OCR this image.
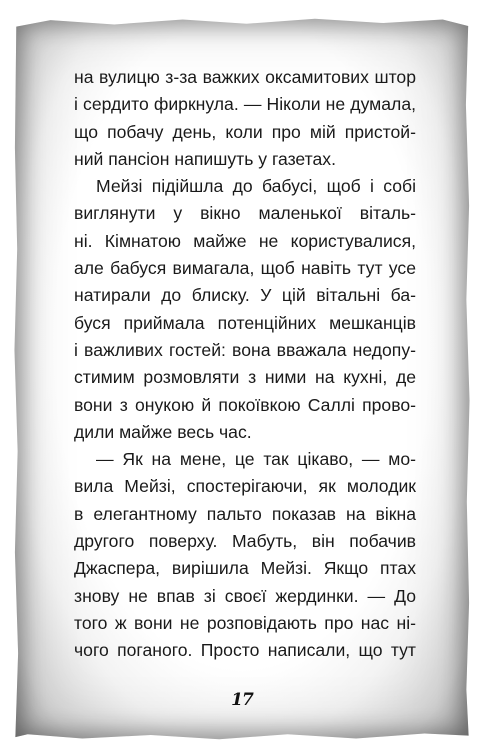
на вулицю з-за важких оксамитових штор
і сердито фиркнула. — Ніколи не думала,
що побачу день, коли про мій пристой-
ний пансіон напишуть у газетах.
Мейзі підійшла до бабусі, щоб і собі
виглянути у вікно маленької віталь-
ні. Кімнатою майже не користувалися,
але бабуся вимагала, щоб навіть тут усе
натирали до блиску. У цій вітальні ба-
буся приймала потенційних мешканців
і важливих гостей: вона вважала недопу-
стимим розмовляти з ними на кухні, де
вони з онукою й покоївкою Саллі прово-
дили майже весь час.
— Як на мене, це так цікаво, — мо-
вила Мейзі, спостерігаючи, як молодик
в елегантному пальто показав на вікна
другого поверху. Мабуть, він побачив
Джаспера, вирішила Мейзі. Якщо птах
знову не впав зі своєї жердинки. — До
того ж вони не розповідають про нас ні-
чого поганого. Просто написали, що тут
17
